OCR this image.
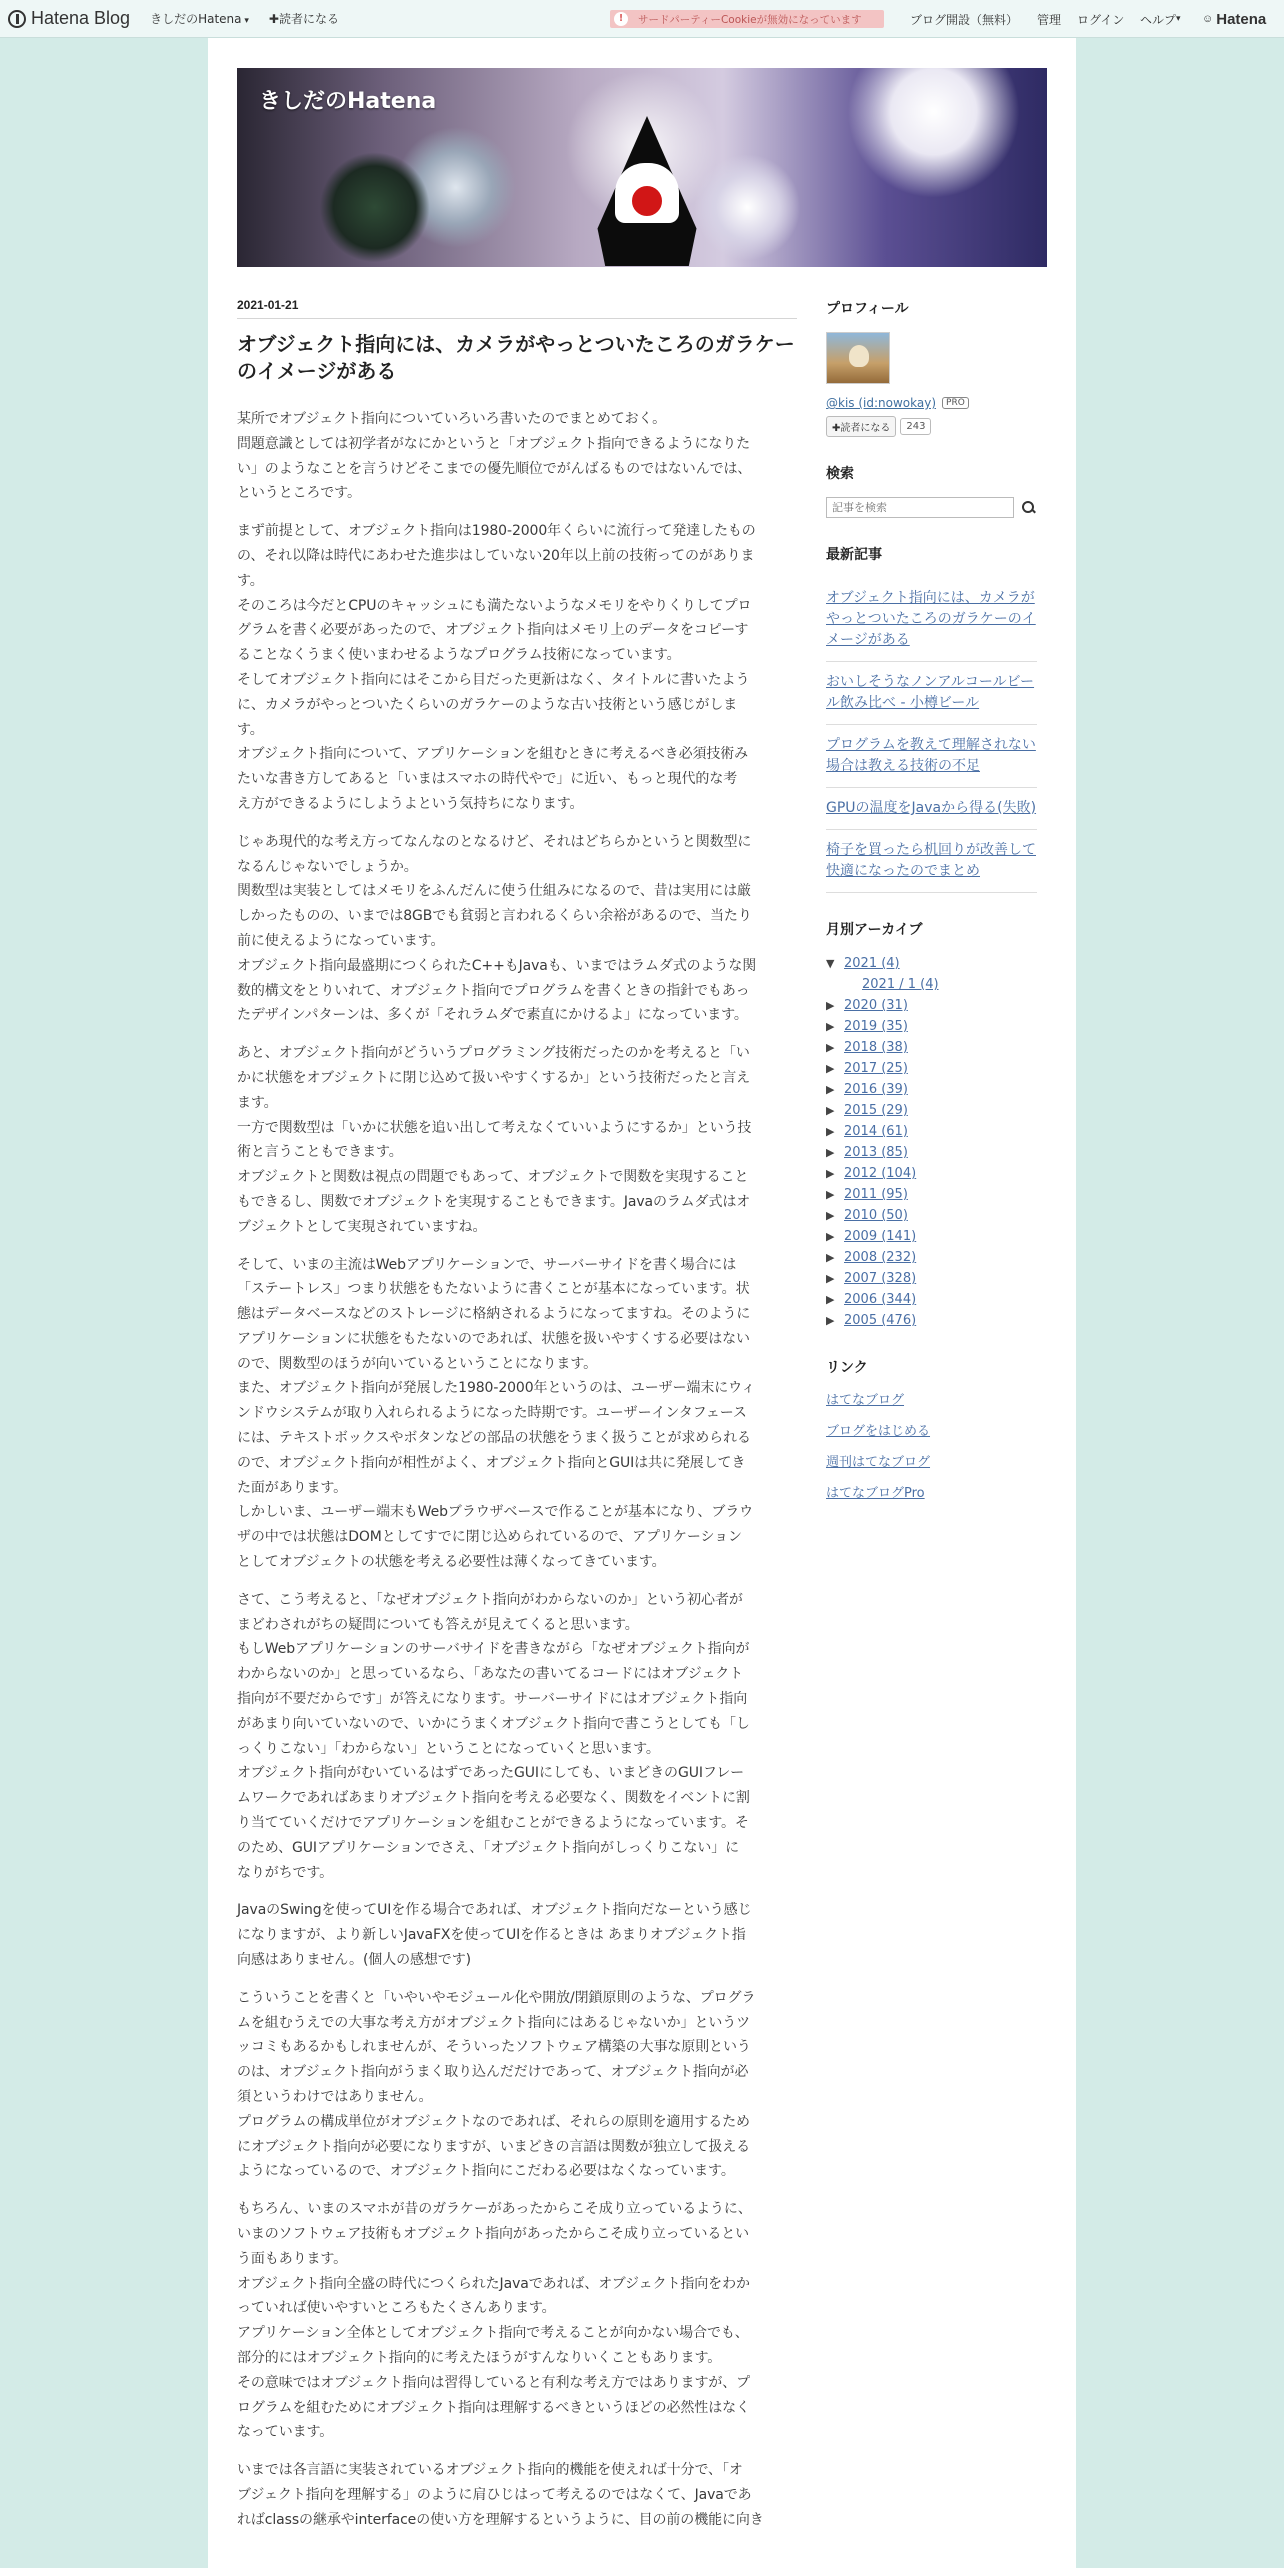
Hatena Blog きしだのHatena ▾	✚読者になる	!	サードパーティーCookieが無効になっています	ブログ開設（無料） 管理 ログイン ヘルプ ▾	☺ Hatena
きしだのHatena
2021-01-21
オブジェクト指向には、カメラがやっとついたころのガラケーのイメージがある

某所でオブジェクト指向についていろいろ書いたのでまとめておく。
問題意識としては初学者がなにかというと「オブジェクト指向できるようになりた
い」のようなことを言うけどそこまでの優先順位でがんばるものではないんでは、
というところです。

まず前提として、オブジェクト指向は1980-2000年くらいに流行って発達したもの
の、それ以降は時代にあわせた進歩はしていない20年以上前の技術ってのがありま
す。
そのころは今だとCPUのキャッシュにも満たないようなメモリをやりくりしてプロ
グラムを書く必要があったので、オブジェクト指向はメモリ上のデータをコピーす
ることなくうまく使いまわせるようなプログラム技術になっています。
そしてオブジェクト指向にはそこから目だった更新はなく、タイトルに書いたよう
に、カメラがやっとついたくらいのガラケーのような古い技術という感じがしま
す。
オブジェクト指向について、アプリケーションを組むときに考えるべき必須技術み
たいな書き方してあると「いまはスマホの時代やで」に近い、もっと現代的な考
え方ができるようにしようよという気持ちになります。

じゃあ現代的な考え方ってなんなのとなるけど、それはどちらかというと関数型に
なるんじゃないでしょうか。
関数型は実装としてはメモリをふんだんに使う仕組みになるので、昔は実用には厳
しかったものの、いまでは8GBでも貧弱と言われるくらい余裕があるので、当たり
前に使えるようになっています。
オブジェクト指向最盛期につくられたC++もJavaも、いまではラムダ式のような関
数的構文をとりいれて、オブジェクト指向でプログラムを書くときの指針でもあっ
たデザインパターンは、多くが「それラムダで素直にかけるよ」になっています。

あと、オブジェクト指向がどういうプログラミング技術だったのかを考えると「い
かに状態をオブジェクトに閉じ込めて扱いやすくするか」という技術だったと言え
ます。
一方で関数型は「いかに状態を追い出して考えなくていいようにするか」という技
術と言うこともできます。
オブジェクトと関数は視点の問題でもあって、オブジェクトで関数を実現すること
もできるし、関数でオブジェクトを実現することもできます。Javaのラムダ式はオ
ブジェクトとして実現されていますね。

そして、いまの主流はWebアプリケーションで、サーバーサイドを書く場合には
「ステートレス」つまり状態をもたないように書くことが基本になっています。状
態はデータベースなどのストレージに格納されるようになってますね。そのように
アプリケーションに状態をもたないのであれば、状態を扱いやすくする必要はない
ので、関数型のほうが向いているということになります。
また、オブジェクト指向が発展した1980-2000年というのは、ユーザー端末にウィ
ンドウシステムが取り入れられるようになった時期です。ユーザーインタフェース
には、テキストボックスやボタンなどの部品の状態をうまく扱うことが求められる
ので、オブジェクト指向が相性がよく、オブジェクト指向とGUIは共に発展してき
た面があります。
しかしいま、ユーザー端末もWebブラウザベースで作ることが基本になり、ブラウ
ザの中では状態はDOMとしてすでに閉じ込められているので、アプリケーション
としてオブジェクトの状態を考える必要性は薄くなってきています。

さて、こう考えると、「なぜオブジェクト指向がわからないのか」という初心者が
まどわされがちの疑問についても答えが見えてくると思います。
もしWebアプリケーションのサーバサイドを書きながら「なぜオブジェクト指向が
わからないのか」と思っているなら、「あなたの書いてるコードにはオブジェクト
指向が不要だからです」が答えになります。サーバーサイドにはオブジェクト指向
があまり向いていないので、いかにうまくオブジェクト指向で書こうとしても「し
っくりこない」「わからない」ということになっていくと思います。
オブジェクト指向がむいているはずであったGUIにしても、いまどきのGUIフレー
ムワークであればあまりオブジェクト指向を考える必要なく、関数をイベントに割
り当てていくだけでアプリケーションを組むことができるようになっています。そ
のため、GUIアプリケーションでさえ、「オブジェクト指向がしっくりこない」に
なりがちです。

JavaのSwingを使ってUIを作る場合であれば、オブジェクト指向だなーという感じ
になりますが、より新しいJavaFXを使ってUIを作るときは あまりオブジェクト指
向感はありません。(個人の感想です)

こういうことを書くと「いやいやモジュール化や開放/閉鎖原則のような、プログラ
ムを組むうえでの大事な考え方がオブジェクト指向にはあるじゃないか」というツ
ッコミもあるかもしれませんが、そういったソフトウェア構築の大事な原則という
のは、オブジェクト指向がうまく取り込んだだけであって、オブジェクト指向が必
須というわけではありません。
プログラムの構成単位がオブジェクトなのであれば、それらの原則を適用するため
にオブジェクト指向が必要になりますが、いまどきの言語は関数が独立して扱える
ようになっているので、オブジェクト指向にこだわる必要はなくなっています。

もちろん、いまのスマホが昔のガラケーがあったからこそ成り立っているように、
いまのソフトウェア技術もオブジェクト指向があったからこそ成り立っているとい
う面もあります。
オブジェクト指向全盛の時代につくられたJavaであれば、オブジェクト指向をわか
っていれば使いやすいところもたくさんあります。
アプリケーション全体としてオブジェクト指向で考えることが向かない場合でも、
部分的にはオブジェクト指向的に考えたほうがすんなりいくこともあります。
その意味ではオブジェクト指向は習得していると有利な考え方ではありますが、プ
ログラムを組むためにオブジェクト指向は理解するべきというほどの必然性はなく
なっています。

いまでは各言語に実装されているオブジェクト指向的機能を使えれば十分で、「オ
ブジェクト指向を理解する」のように肩ひじはって考えるのではなくて、Javaであ
ればclassの継承やinterfaceの使い方を理解するというように、目の前の機能に向き

プロフィール
@kis (id:nowokay)	PRO
✚読者になる	243
検索
記事を検索
最新記事
オブジェクト指向には、カメラがやっとついたころのガラケーのイメージがある
おいしそうなノンアルコールビール飲み比べ - 小樽ビール
プログラムを教えて理解されない場合は教える技術の不足
GPUの温度をJavaから得る(失敗)
椅子を買ったら机回りが改善して快適になったのでまとめ
月別アーカイブ
▼ 2021 (4)
2021 / 1 (4)
▶ 2020 (31)
▶ 2019 (35)
▶ 2018 (38)
▶ 2017 (25)
▶ 2016 (39)
▶ 2015 (29)
▶ 2014 (61)
▶ 2013 (85)
▶ 2012 (104)
▶ 2011 (95)
▶ 2010 (50)
▶ 2009 (141)
▶ 2008 (232)
▶ 2007 (328)
▶ 2006 (344)
▶ 2005 (476)
リンク
はてなブログ
ブログをはじめる
週刊はてなブログ
はてなブログPro
